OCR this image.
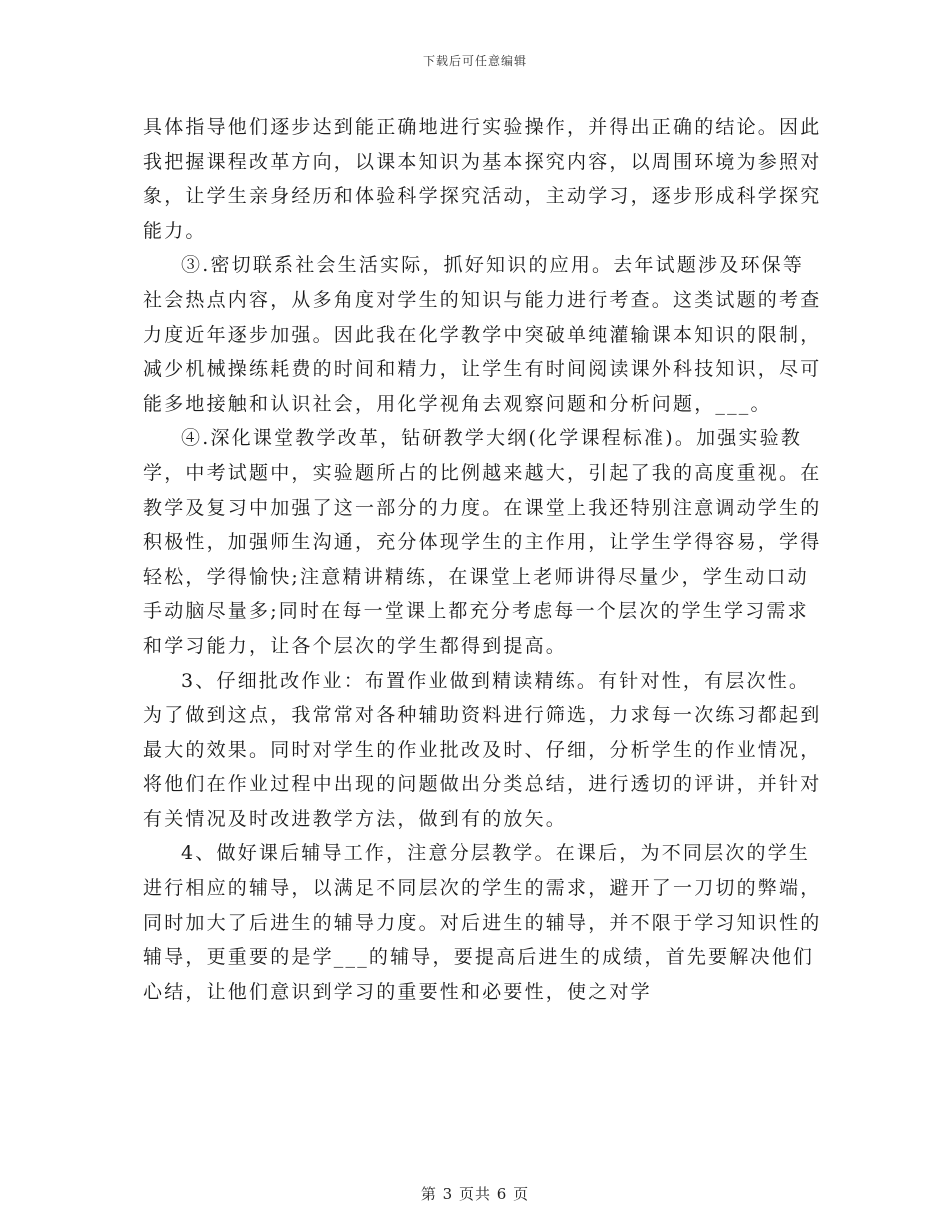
下载后可任意编辑

具体指导他们逐步达到能正确地进行实验操作，并得出正确的结论。因此我把握课程改革方向，以课本知识为基本探究内容，以周围环境为参照对象，让学生亲身经历和体验科学探究活动，主动学习，逐步形成科学探究能力。

③.密切联系社会生活实际，抓好知识的应用。去年试题涉及环保等社会热点内容，从多角度对学生的知识与能力进行考查。这类试题的考查力度近年逐步加强。因此我在化学教学中突破单纯灌输课本知识的限制，减少机械操练耗费的时间和精力，让学生有时间阅读课外科技知识，尽可能多地接触和认识社会，用化学视角去观察问题和分析问题，___。

④.深化课堂教学改革，钻研教学大纲(化学课程标准)。加强实验教学，中考试题中，实验题所占的比例越来越大，引起了我的高度重视。在教学及复习中加强了这一部分的力度。在课堂上我还特别注意调动学生的积极性，加强师生沟通，充分体现学生的主作用，让学生学得容易，学得轻松，学得愉快;注意精讲精练，在课堂上老师讲得尽量少，学生动口动手动脑尽量多;同时在每一堂课上都充分考虑每一个层次的学生学习需求和学习能力，让各个层次的学生都得到提高。

3、仔细批改作业：布置作业做到精读精练。有针对性，有层次性。为了做到这点，我常常对各种辅助资料进行筛选，力求每一次练习都起到最大的效果。同时对学生的作业批改及时、仔细，分析学生的作业情况，将他们在作业过程中出现的问题做出分类总结，进行透切的评讲，并针对有关情况及时改进教学方法，做到有的放矢。

4、做好课后辅导工作，注意分层教学。在课后，为不同层次的学生进行相应的辅导，以满足不同层次的学生的需求，避开了一刀切的弊端，同时加大了后进生的辅导力度。对后进生的辅导，并不限于学习知识性的辅导，更重要的是学___的辅导，要提高后进生的成绩，首先要解决他们心结，让他们意识到学习的重要性和必要性，使之对学

第 3 页共 6 页
